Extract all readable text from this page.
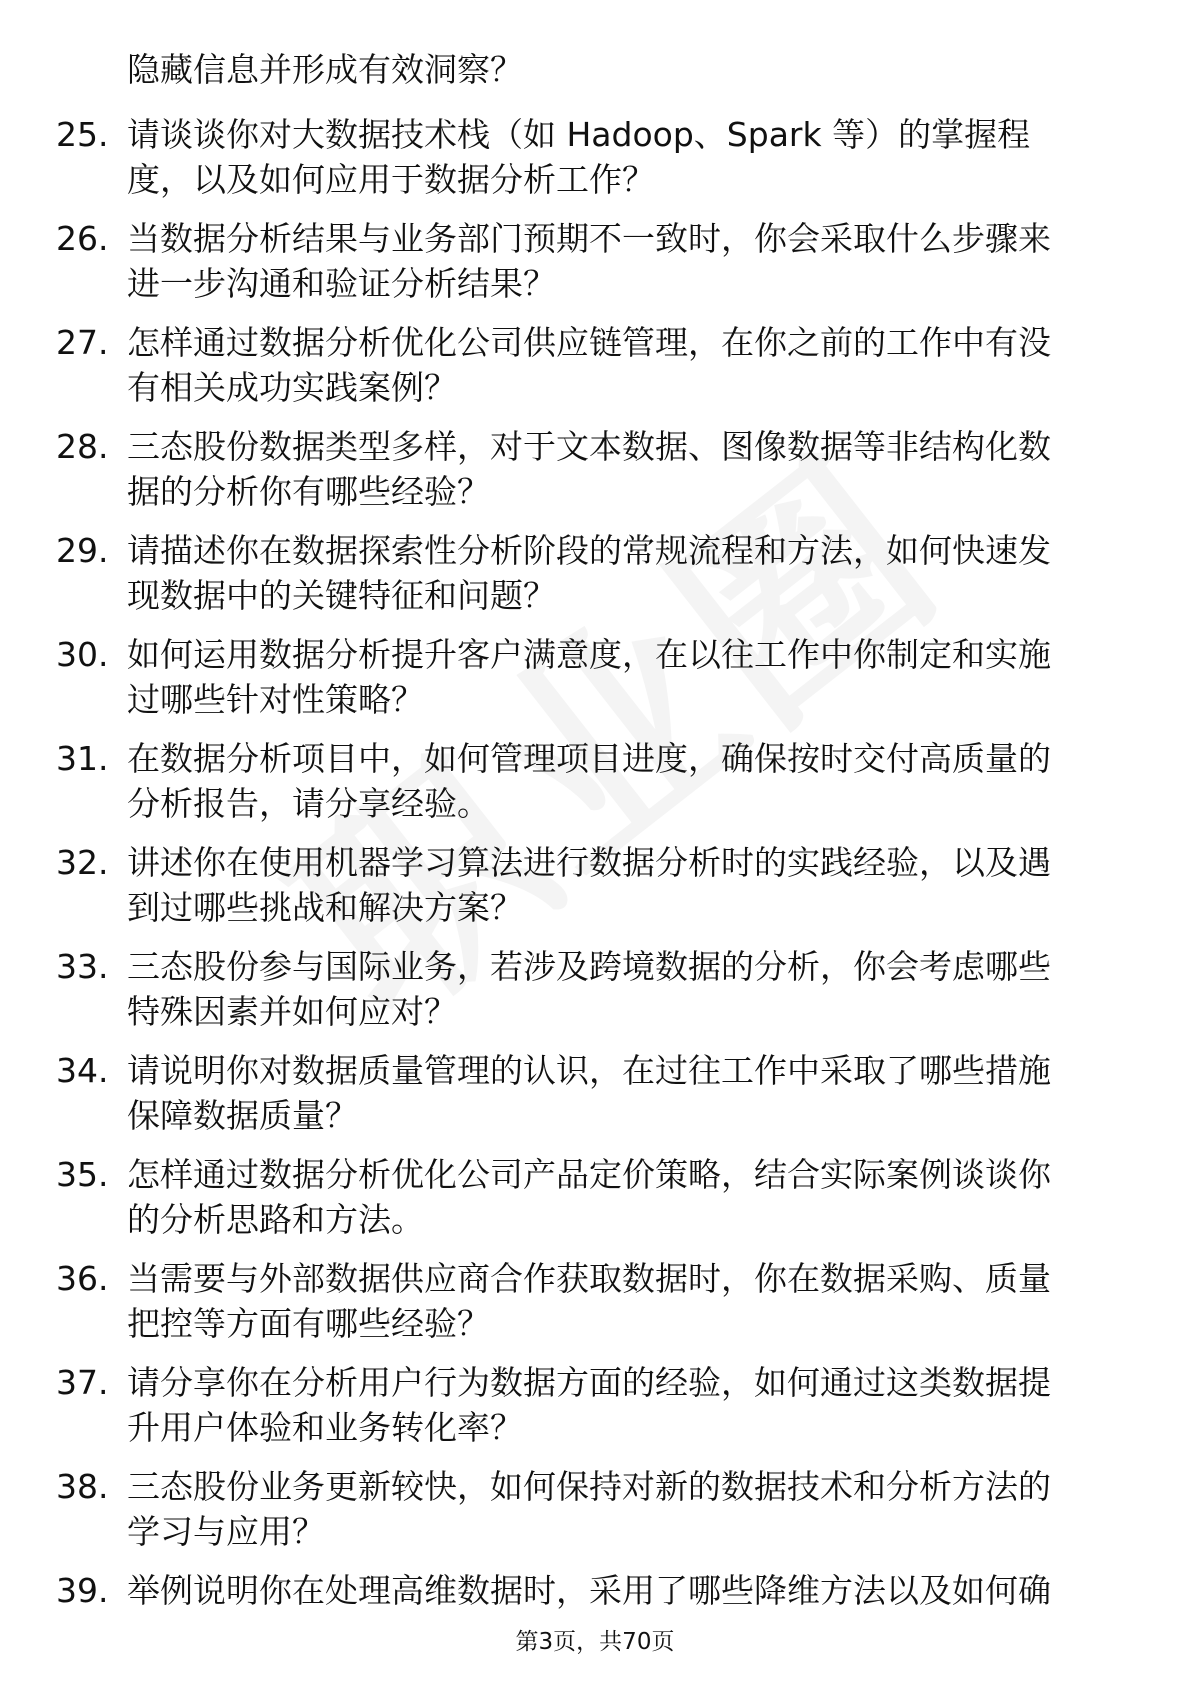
隐藏信息并形成有效洞察？
25. 请谈谈你对大数据技术栈（如 Hadoop、Spark 等）的掌握程
度，以及如何应用于数据分析工作？
26. 当数据分析结果与业务部门预期不一致时，你会采取什么步骤来
进一步沟通和验证分析结果？
27. 怎样通过数据分析优化公司供应链管理，在你之前的工作中有没
有相关成功实践案例？
28. 三态股份数据类型多样，对于文本数据、图像数据等非结构化数
据的分析你有哪些经验？
29. 请描述你在数据探索性分析阶段的常规流程和方法，如何快速发
现数据中的关键特征和问题？
30. 如何运用数据分析提升客户满意度，在以往工作中你制定和实施
过哪些针对性策略？
31. 在数据分析项目中，如何管理项目进度，确保按时交付高质量的
分析报告，请分享经验。
32. 讲述你在使用机器学习算法进行数据分析时的实践经验，以及遇
到过哪些挑战和解决方案？
33. 三态股份参与国际业务，若涉及跨境数据的分析，你会考虑哪些
特殊因素并如何应对？
34. 请说明你对数据质量管理的认识，在过往工作中采取了哪些措施
保障数据质量？
35. 怎样通过数据分析优化公司产品定价策略，结合实际案例谈谈你
的分析思路和方法。
36. 当需要与外部数据供应商合作获取数据时，你在数据采购、质量
把控等方面有哪些经验？
37. 请分享你在分析用户行为数据方面的经验，如何通过这类数据提
升用户体验和业务转化率？
38. 三态股份业务更新较快，如何保持对新的数据技术和分析方法的
学习与应用？
39. 举例说明你在处理高维数据时，采用了哪些降维方法以及如何确
第3页，共70页
